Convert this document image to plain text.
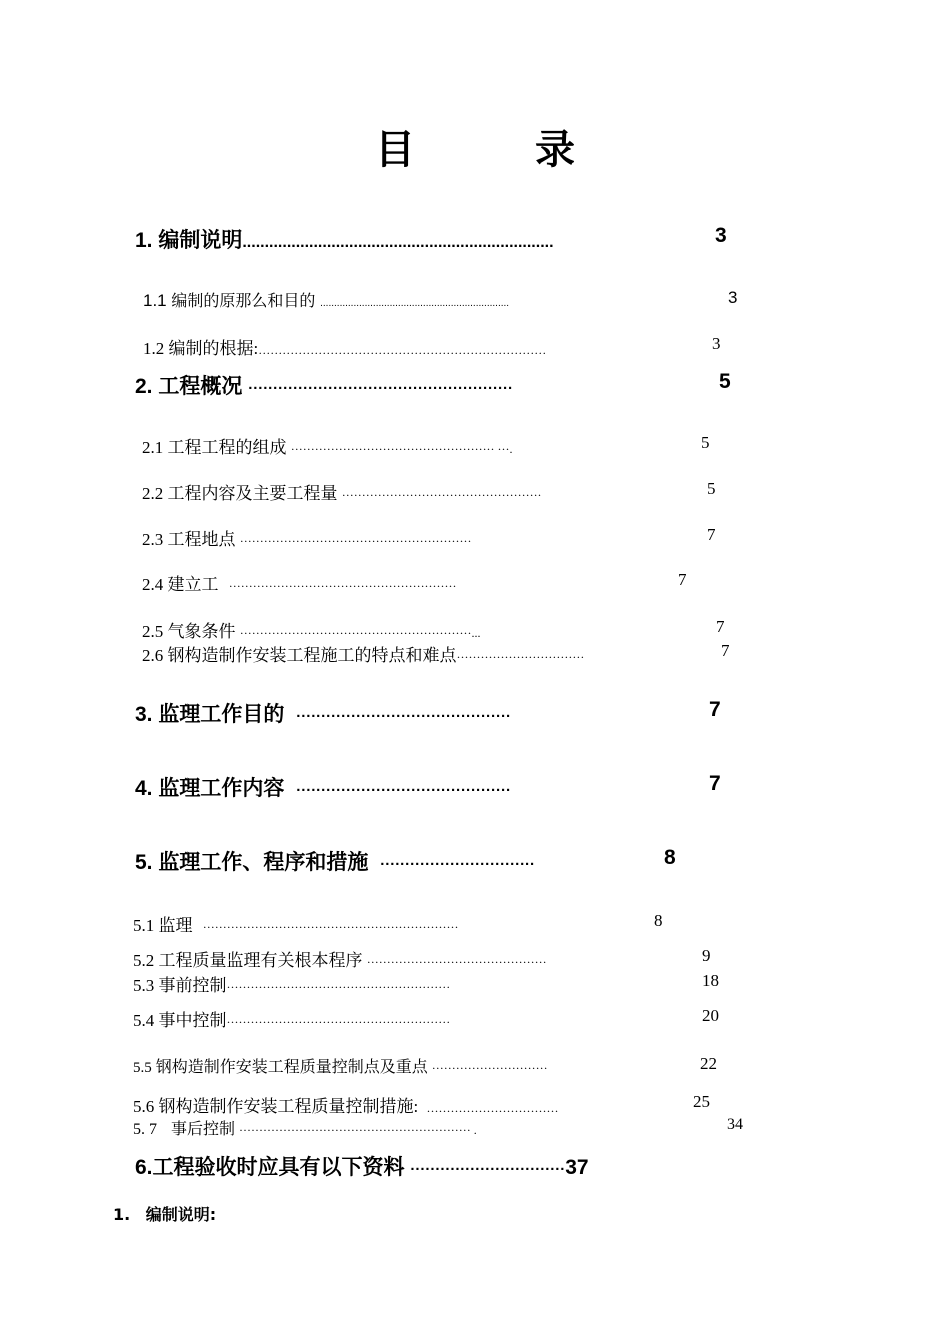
目	录
1. 编制说明......................................................................	3
1.1 编制的原那么和目的 ....................................................................	3
1.2 编制的根据:………………………………………………………………	3
2. 工程概况 ·····················································	5
2.1 工程工程的组成 ··················································· ···.	5
2.2 工程内容及主要工程量 ··················································	5
2.3 工程地点 ··························································	7
2.4 建立工 ·························································	7
2.5 气象条件 ··························································...	7
2.6 钢构造制作安装工程施工的特点和难点································	7
3. 监理工作目的 ···········································	7
4. 监理工作内容 ···········································	7
5. 监理工作、程序和措施 ·······························	8
5.1 监理 ································································	8
5.2 工程质量监理有关根本程序 ·············································	9
5.3 事前控制························································	18
5.4 事中控制························································	20
5.5 钢构造制作安装工程质量控制点及重点 ·····························	22
5.6 钢构造制作安装工程质量控制措施: ……………………………	25
5. 7 事后控制 ·························································· .	34
6.工程验收时应具有以下资料 ·······························37
1. 编制说明:
